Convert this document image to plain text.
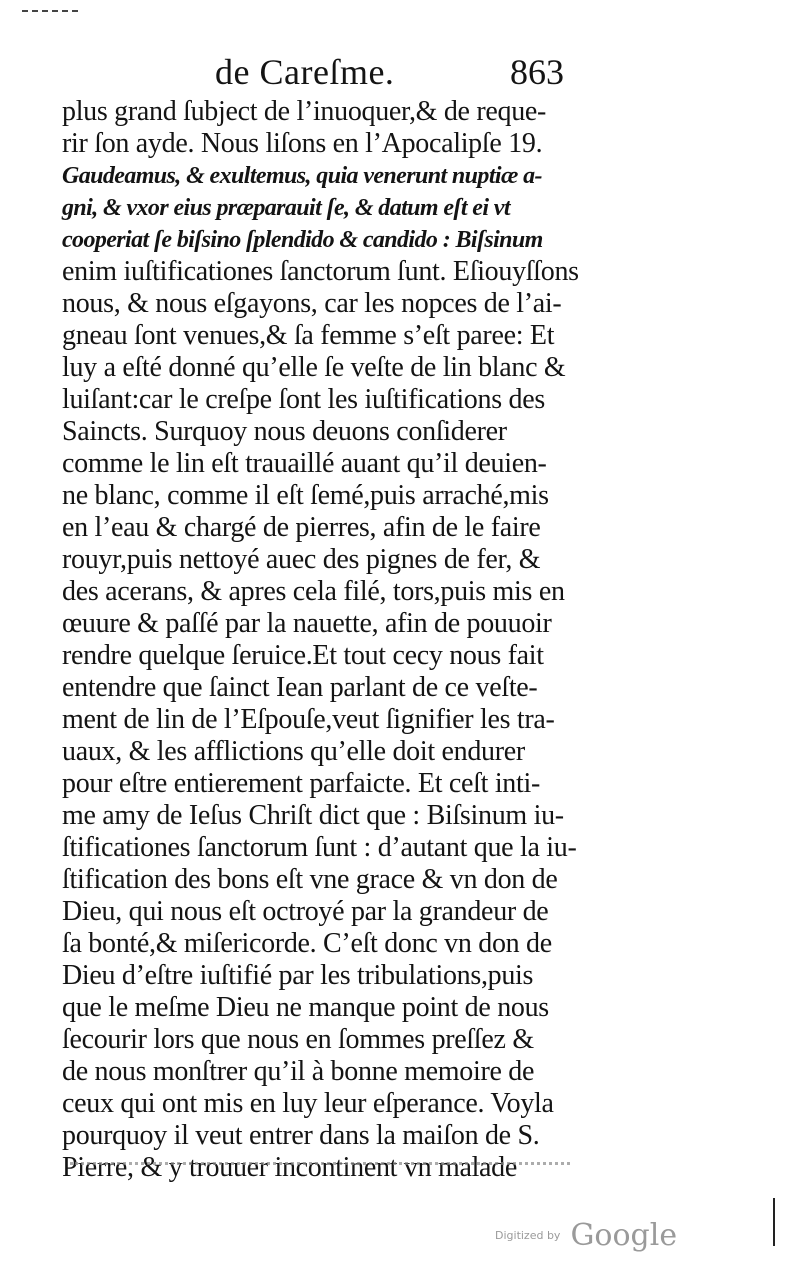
de Careſme.	863
plus grand ſubject de l’inuoquer,& de reque-
rir ſon ayde. Nous liſons en l’Apocalipſe 19.
Gaudeamus, & exultemus, quia venerunt nuptiæ a-
gni, & vxor eius præparauit ſe, & datum eſt ei vt
cooperiat ſe biſsino ſplendido & candido : Biſsinum
enim iuſtificationes ſanctorum ſunt. Eſiouyſſons
nous, & nous eſgayons, car les nopces de l’ai-
gneau ſont venues,& ſa femme s’eſt paree: Et
luy a eſté donné qu’elle ſe veſte de lin blanc &
luiſant:car le creſpe ſont les iuſtifications des
Saincts. Surquoy nous deuons conſiderer
comme le lin eſt trauaillé auant qu’il deuien-
ne blanc, comme il eſt ſemé,puis arraché,mis
en l’eau & chargé de pierres, afin de le faire
rouyr,puis nettoyé auec des pignes de fer, &
des acerans, & apres cela filé, tors,puis mis en
œuure & paſſé par la nauette, afin de pouuoir
rendre quelque ſeruice.Et tout cecy nous fait
entendre que ſainct Iean parlant de ce veſte-
ment de lin de l’Eſpouſe,veut ſignifier les tra-
uaux, & les afflictions qu’elle doit endurer
pour eſtre entierement parfaicte. Et ceſt inti-
me amy de Ieſus Chriſt dict que : Biſsinum iu-
ſtificationes ſanctorum ſunt : d’autant que la iu-
ſtification des bons eſt vne grace & vn don de
Dieu, qui nous eſt octroyé par la grandeur de
ſa bonté,& miſericorde. C’eſt donc vn don de
Dieu d’eſtre iuſtifié par les tribulations,puis
que le meſme Dieu ne manque point de nous
ſecourir lors que nous en ſommes preſſez &
de nous monſtrer qu’il à bonne memoire de
ceux qui ont mis en luy leur eſperance. Voyla
pourquoy il veut entrer dans la maiſon de S.
Pierre, & y trouuer incontinent vn malade
Digitized by Google
